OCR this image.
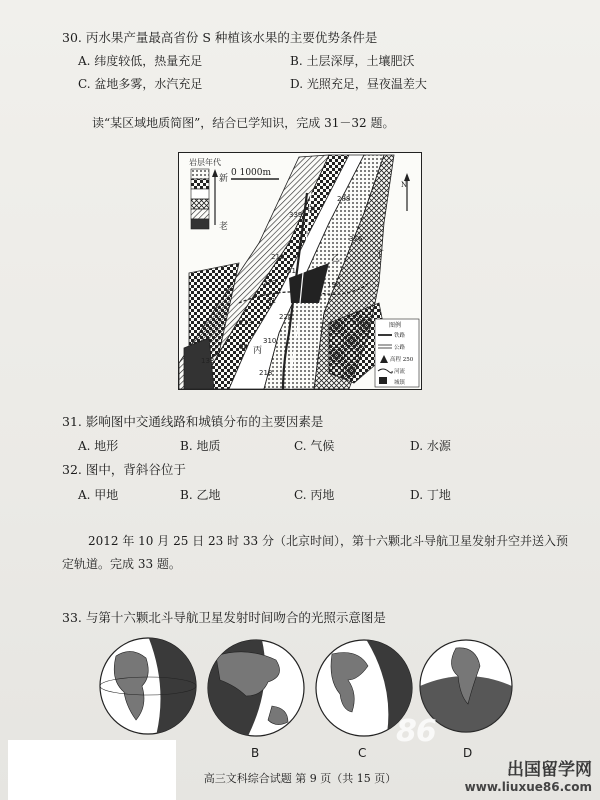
30. 丙水果产量最高省份 S 种植该水果的主要优势条件是
A. 纬度较低，热量充足	B. 土层深厚，土壤肥沃
C. 盆地多雾，水汽充足	D. 光照充足，昼夜温差大
读“某区域地质简图”，结合已学知识，完成 31－32 题。
岩层年代
新
老
0 1000m
N
339
288
356
216
279
224
233
218
190
310
319
133
61	59
81
98
甲
乙
丙
丁
图例
铁路
公路
高程 250
河流
城镇
31. 影响图中交通线路和城镇分布的主要因素是
A. 地形	B. 地质	C. 气候	D. 水源
32. 图中，背斜谷位于
A. 甲地	B. 乙地	C. 丙地	D. 丁地
2012 年 10 月 25 日 23 时 33 分（北京时间），第十六颗北斗导航卫星发射升空并送入预
定轨道。完成 33 题。
33. 与第十六颗北斗导航卫星发射时间吻合的光照示意图是
B	C	D
高三文科综合试题 第 9 页（共 15 页）
86
出国留学网
www.liuxue86.com
